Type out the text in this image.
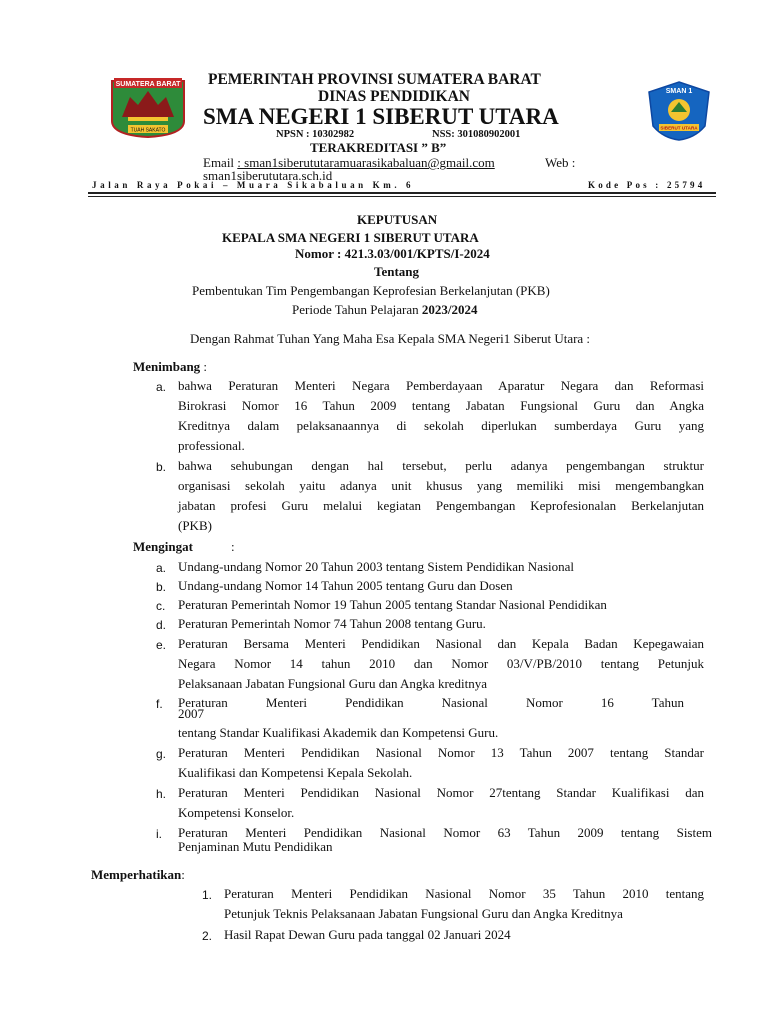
SUMATERA BARAT
TUAH SAKATO
PEMERINTAH PROVINSI SUMATERA BARAT
DINAS PENDIDIKAN
SMA NEGERI 1 SIBERUT UTARA
NPSN : 10302982	NSS: 301080902001
TERAKREDITASI ” B”
Email : sman1siberututaramuarasikabaluan@gmail.com	Web :
sman1siberututara.sch.id
SMAN 1
SIBERUT UTARA
Jalan Raya Pokai – Muara Sikabaluan Km. 6	Kode Pos : 25794
KEPUTUSAN
KEPALA SMA NEGERI 1 SIBERUT UTARA
Nomor : 421.3.03/001/KPTS/I-2024
Tentang
Pembentukan Tim Pengembangan Keprofesian Berkelanjutan (PKB)
Periode Tahun Pelajaran 2023/2024
Dengan Rahmat Tuhan Yang Maha Esa Kepala SMA Negeri1 Siberut Utara :
Menimbang :
a. bahwa Peraturan Menteri Negara Pemberdayaan Aparatur Negara dan Reformasi
Birokrasi Nomor 16 Tahun 2009 tentang Jabatan Fungsional Guru dan Angka
Kreditnya dalam pelaksanaannya di sekolah diperlukan sumberdaya Guru yang
professional.
b. bahwa sehubungan dengan hal tersebut, perlu adanya pengembangan struktur
organisasi sekolah yaitu adanya unit khusus yang memiliki misi mengembangkan
jabatan profesi Guru melalui kegiatan Pengembangan Keprofesionalan Berkelanjutan
(PKB)
Mengingat	:
a. Undang-undang Nomor 20 Tahun 2003 tentang Sistem Pendidikan Nasional
b. Undang-undang Nomor 14 Tahun 2005 tentang Guru dan Dosen
c. Peraturan Pemerintah Nomor 19 Tahun 2005 tentang Standar Nasional Pendidikan
d. Peraturan Pemerintah Nomor 74 Tahun 2008 tentang Guru.
e. Peraturan Bersama Menteri Pendidikan Nasional dan Kepala Badan Kepegawaian
Negara Nomor 14 tahun 2010 dan Nomor 03/V/PB/2010 tentang Petunjuk
Pelaksanaan Jabatan Fungsional Guru dan Angka kreditnya
f. Peraturan Menteri Pendidikan Nasional Nomor 16 Tahun
2007
tentang Standar Kualifikasi Akademik dan Kompetensi Guru.
g. Peraturan Menteri Pendidikan Nasional Nomor 13 Tahun 2007 tentang Standar
Kualifikasi dan Kompetensi Kepala Sekolah.
h. Peraturan Menteri Pendidikan Nasional Nomor 27tentang Standar Kualifikasi dan
Kompetensi Konselor.
i. Peraturan Menteri Pendidikan Nasional Nomor 63 Tahun 2009 tentang Sistem
Penjaminan Mutu Pendidikan
Memperhatikan:
1. Peraturan Menteri Pendidikan Nasional Nomor 35 Tahun 2010 tentang
Petunjuk Teknis Pelaksanaan Jabatan Fungsional Guru dan Angka Kreditnya
2. Hasil Rapat Dewan Guru pada tanggal 02 Januari 2024
